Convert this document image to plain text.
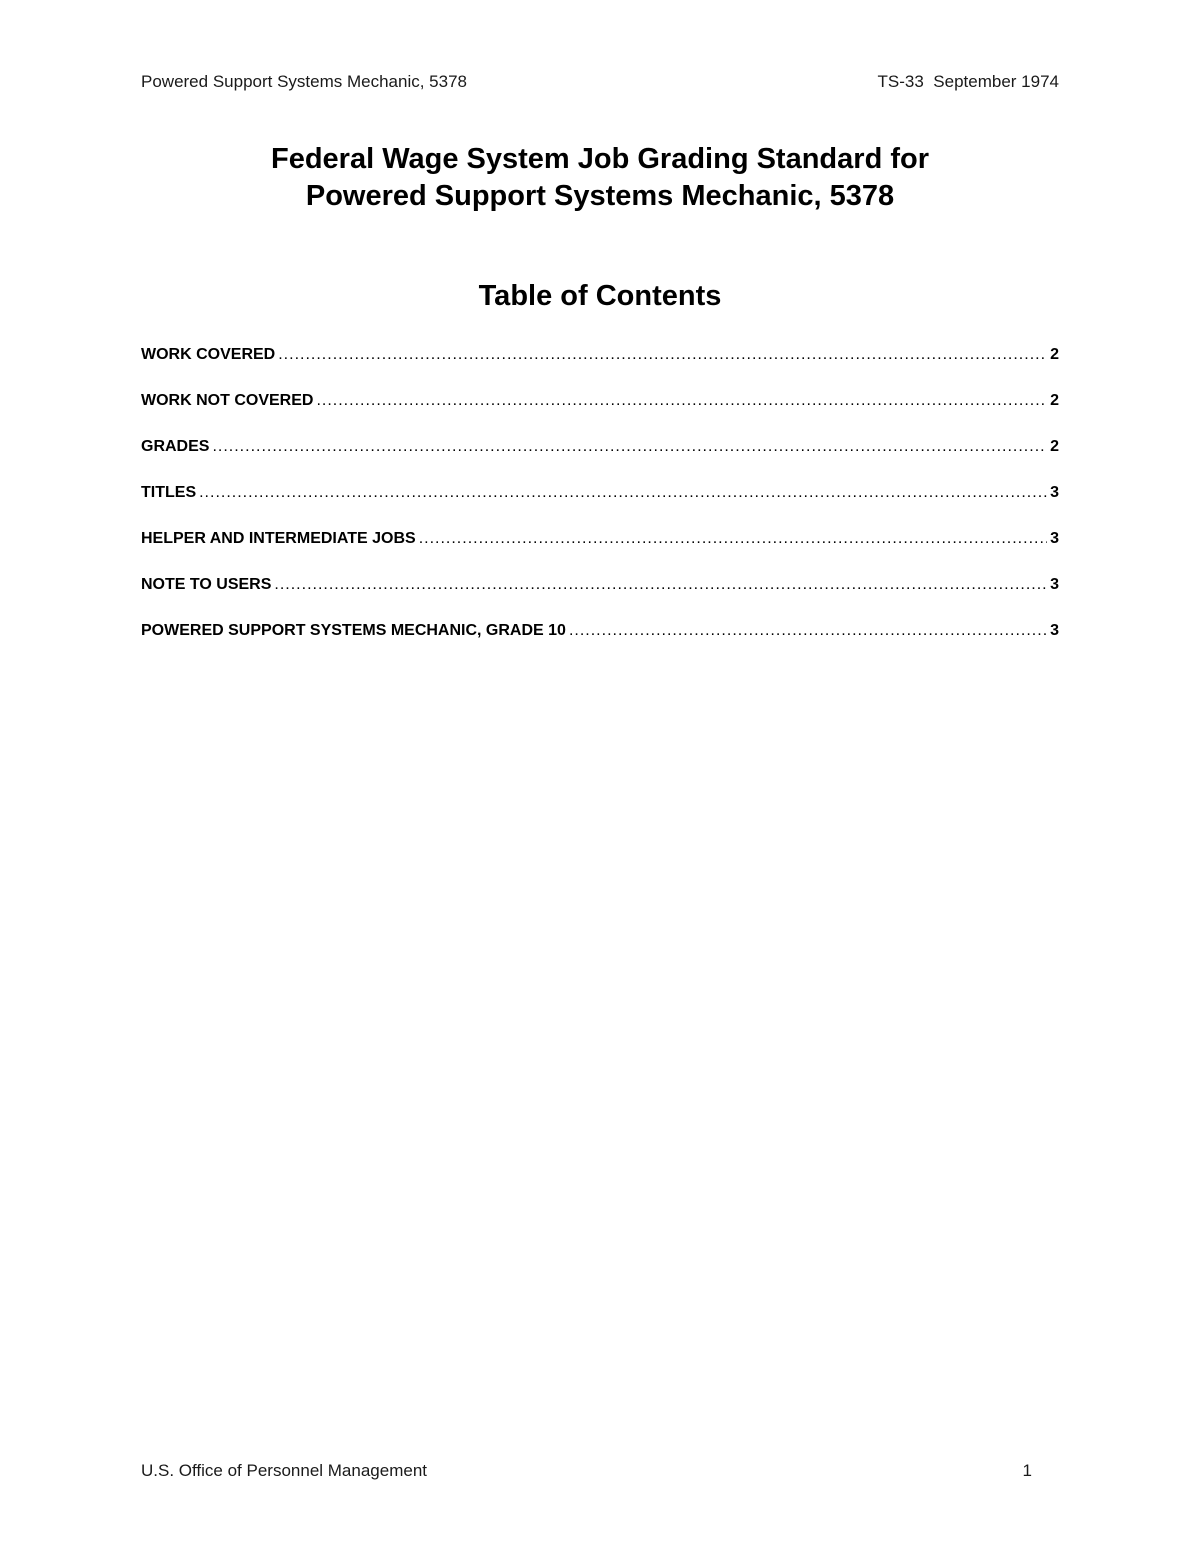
Powered Support Systems Mechanic, 5378	TS-33  September 1974
Federal Wage System Job Grading Standard for
Powered Support Systems Mechanic, 5378
Table of Contents
WORK COVERED .....	2
WORK NOT COVERED .....	2
GRADES .....	2
TITLES .....	3
HELPER AND INTERMEDIATE JOBS .....	3
NOTE TO USERS .....	3
POWERED SUPPORT SYSTEMS MECHANIC, GRADE 10 .....	3
U.S. Office of Personnel Management	1
